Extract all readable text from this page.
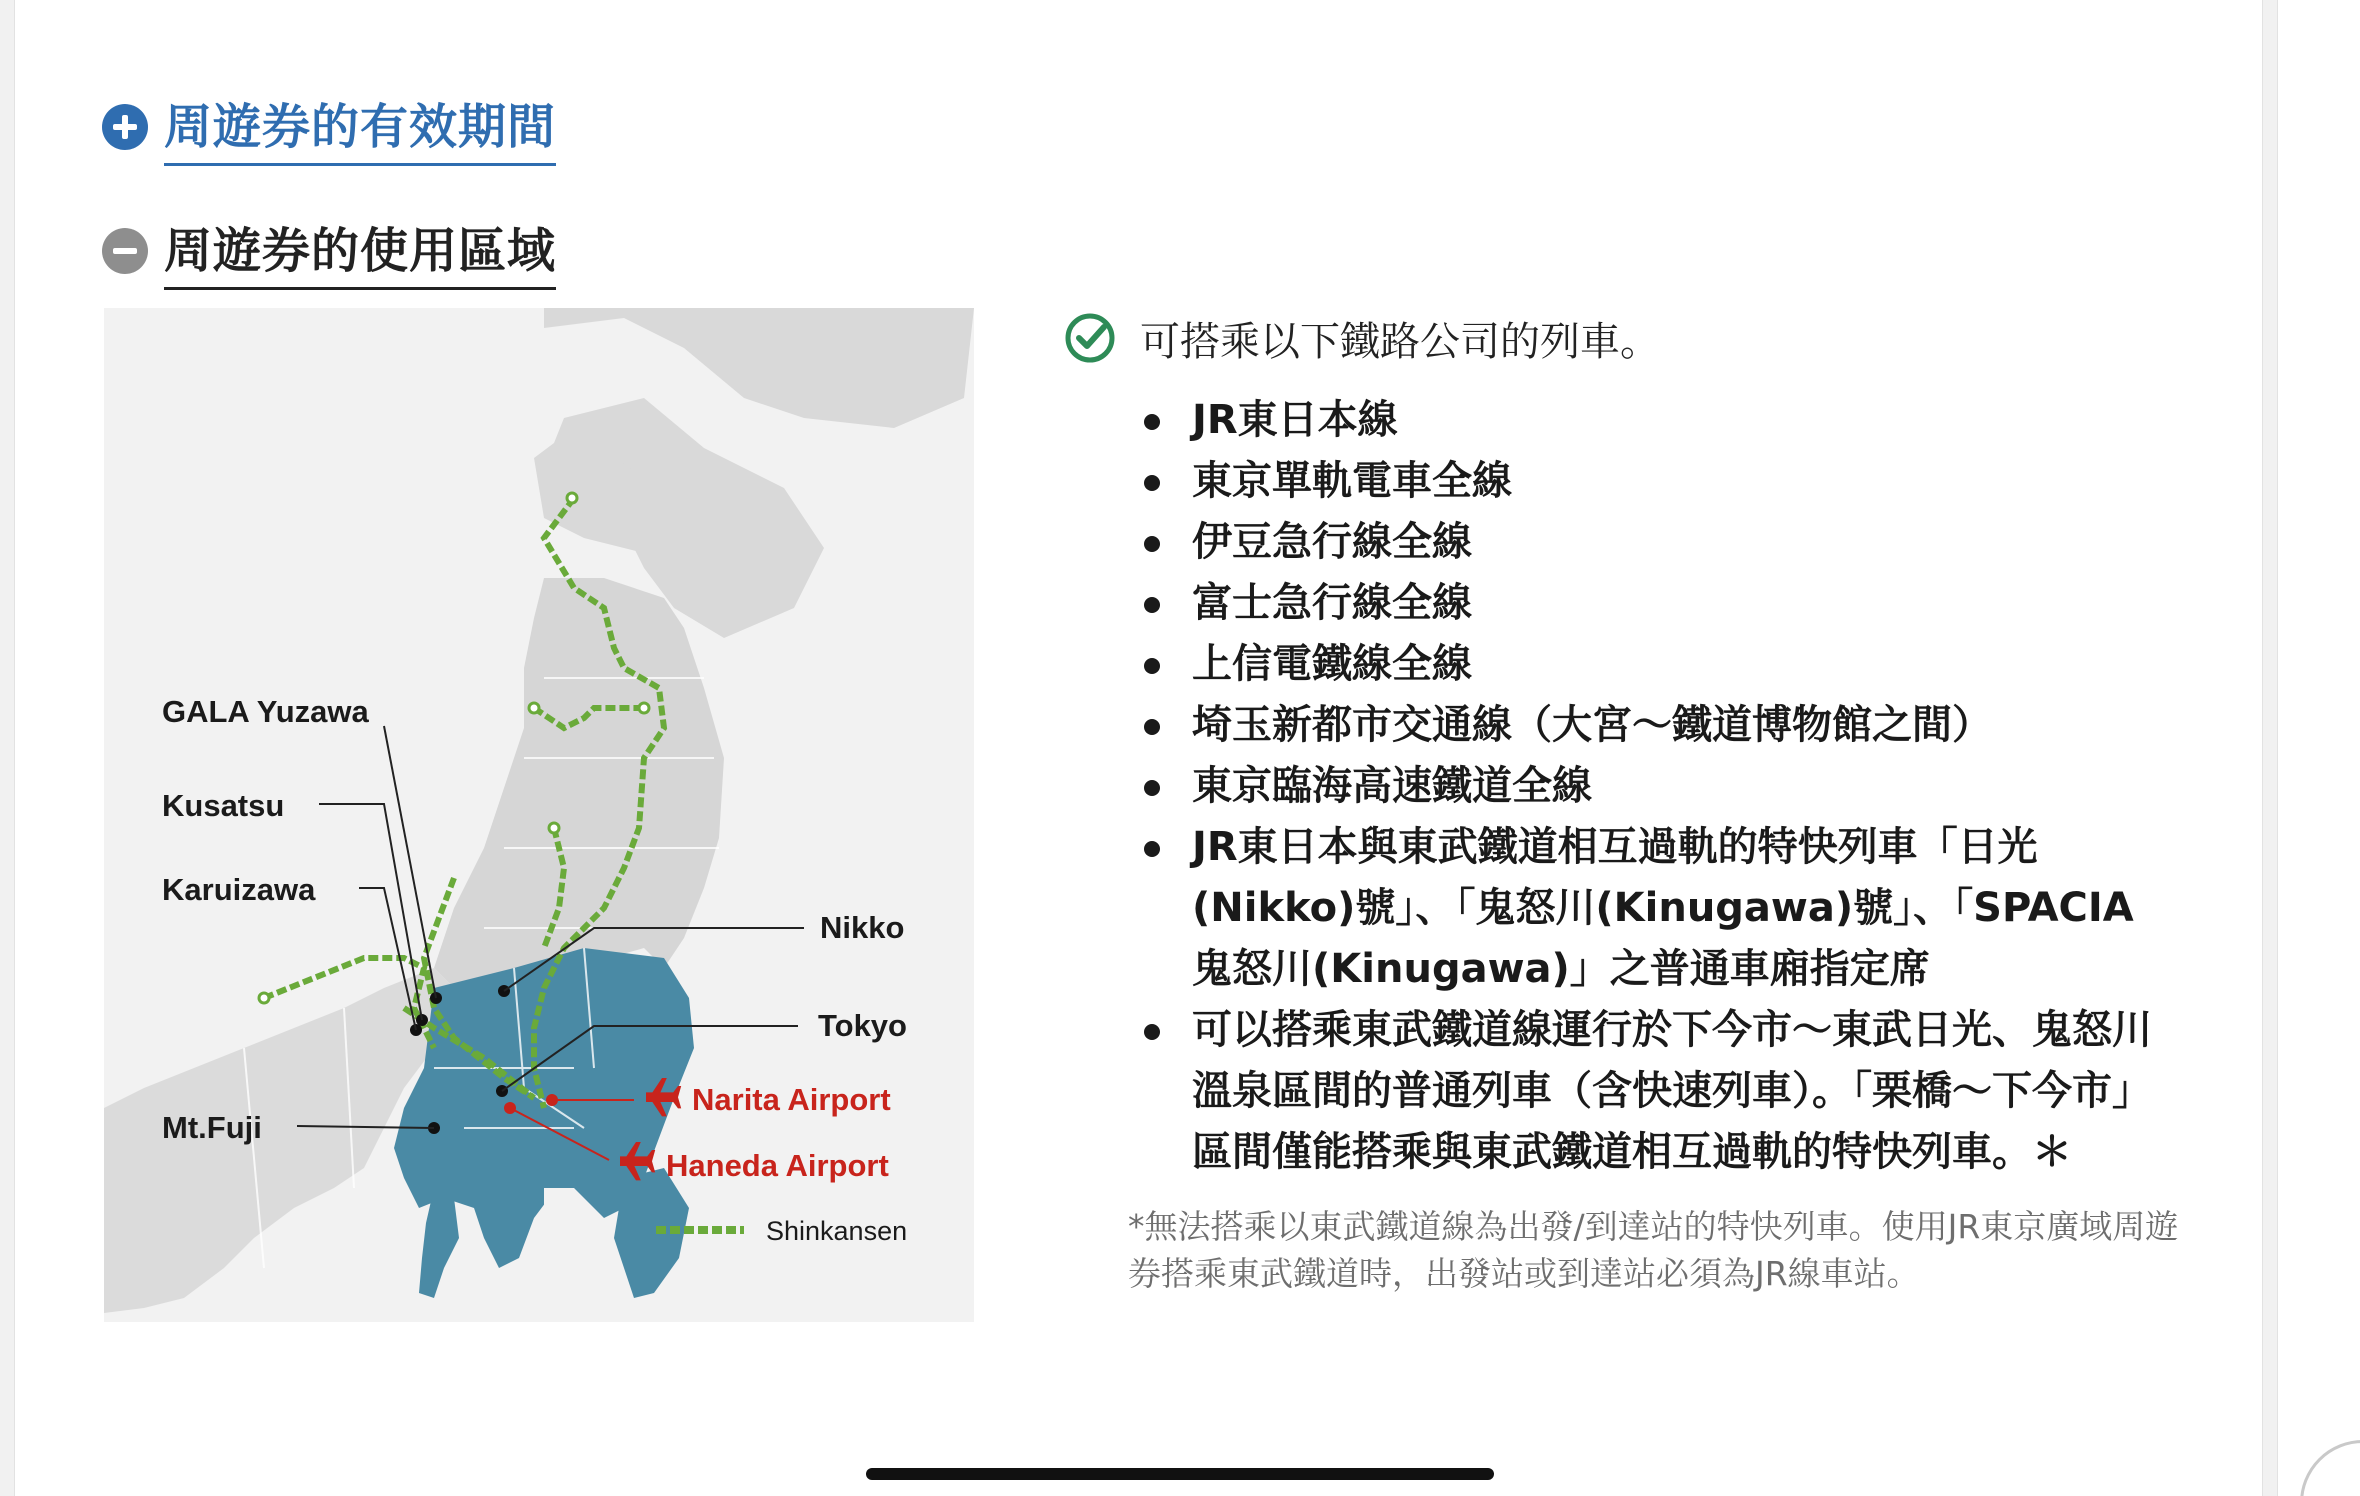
周遊券的有效期間
周遊券的使用區域
GALA Yuzawa
Kusatsu
Karuizawa
Mt.Fuji
Nikko
Tokyo
Narita Airport
Haneda Airport
Shinkansen
可搭乘以下鐵路公司的列車。
JR東日本線
東京單軌電車全線
伊豆急行線全線
富士急行線全線
上信電鐵線全線
埼玉新都市交通線（大宮～鐵道博物館之間）
東京臨海高速鐵道全線
JR東日本與東武鐵道相互過軌的特快列車「日光(Nikko)號」、「鬼怒川(Kinugawa)號」、「SPACIA 鬼怒川(Kinugawa)」之普通車廂指定席
可以搭乘東武鐵道線運行於下今市～東武日光、鬼怒川溫泉區間的普通列車（含快速列車）。「栗橋～下今市」區間僅能搭乘與東武鐵道相互過軌的特快列車。＊
*無法搭乘以東武鐵道線為出發/到達站的特快列車。使用JR東京廣域周遊券搭乘東武鐵道時，出發站或到達站必須為JR線車站。
